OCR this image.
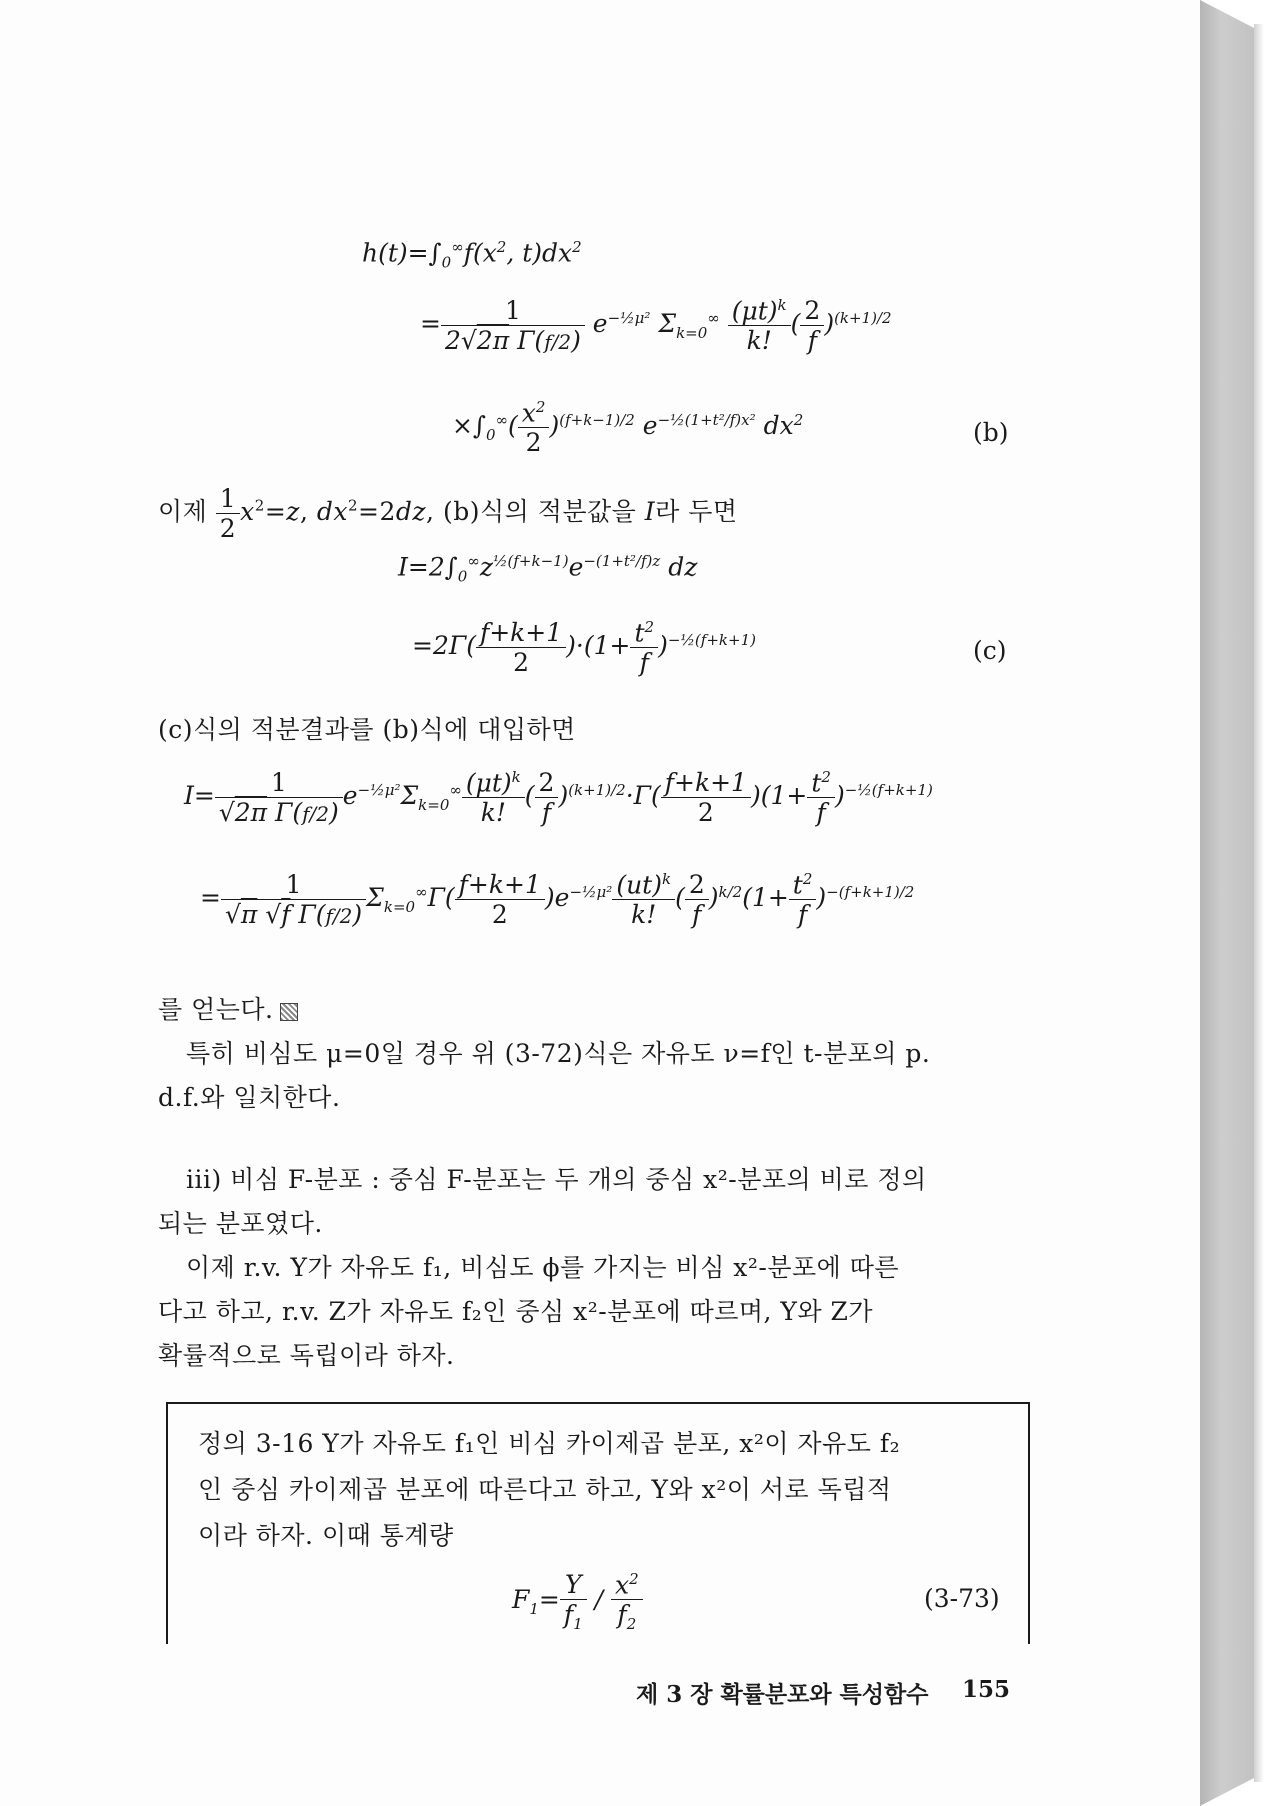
$h(t)=\int_0^\infty f(x^2$, $t)dx^2$
= $\frac{1}{\text{2√2π Γ(f/2)}} e^{-\frac{1}{2}\mu^2}$ $\Sigma_{k=0}^\infty \frac{(\mu t)^k}{k!}$ ( $\frac{2}{f} )^{(k+1)/2}$
$\times\int_0^\infty( \frac{x^2}{2} )^{(f+k-1)/2}$ $e^{-\frac{1}{2}(1+t^2/f)x^2}$ $dx^2$	(b)
이제 $\frac{1}{2} x^2=z$, $dx^2=2dz$, (b)식의 적분값을 I라 두면
$I=2\int_0^\infty z^{\frac{1}{2}(f+k-1)}e^{-(1+t^2/f)z}$ dz
$=2\Gamma( \frac{f+k+1}{2} )\cdot(1+ \frac{t^2}{f} )^{-\frac{1}{2}(f+k+1)}$	(c)
(c)식의 적분결과를 (b)식에 대입하면
$I= \frac{1}{\text{√2π Γ(f/2)}} e^{-\frac{1}{2}\mu^2}\Sigma_{k=0}^\infty \frac{(\mu t)^k}{k!}$ ( $\frac{2}{f} )^{(k+1)/2}\cdot\Gamma( \frac{f+k+1}{2} )(1+ \frac{t^2}{f} )^{-\frac{1}{2}(f+k+1)}$
= $\frac{1}{\text{√π √f Γ(f/2)}} \Sigma_{k=0}^\infty\Gamma( \frac{f+k+1}{2} )e^{-\frac{1}{2}\mu^2} \frac{(ut)^k}{k!}$ ( $\frac{2}{f} )^{k/2}(1+ \frac{t^2}{f} )^{-(f+k+1)/2}$
를 얻는다.
특히 비심도 μ=0일 경우 위 (3-72)식은 자유도 ν=f인 t-분포의 p.
d.f.와 일치한다.
iii) 비심 F-분포 : 중심 F-분포는 두 개의 중심 x²-분포의 비로 정의
되는 분포였다.
이제 r.v. Y가 자유도 f₁, 비심도 ϕ를 가지는 비심 x²-분포에 따른
다고 하고, r.v. Z가 자유도 f₂인 중심 x²-분포에 따르며, Y와 Z가
확률적으로 독립이라 하자.
정의 3-16 Y가 자유도 f₁인 비심 카이제곱 분포, x²이 자유도 f₂
인 중심 카이제곱 분포에 따른다고 하고, Y와 x²이 서로 독립적
이라 하자. 이때 통계량
$F_1= \frac{Y}{f_1} / \frac{x^2}{f_2}$	(3-73)
제 3 장 확률분포와 특성함수 155
